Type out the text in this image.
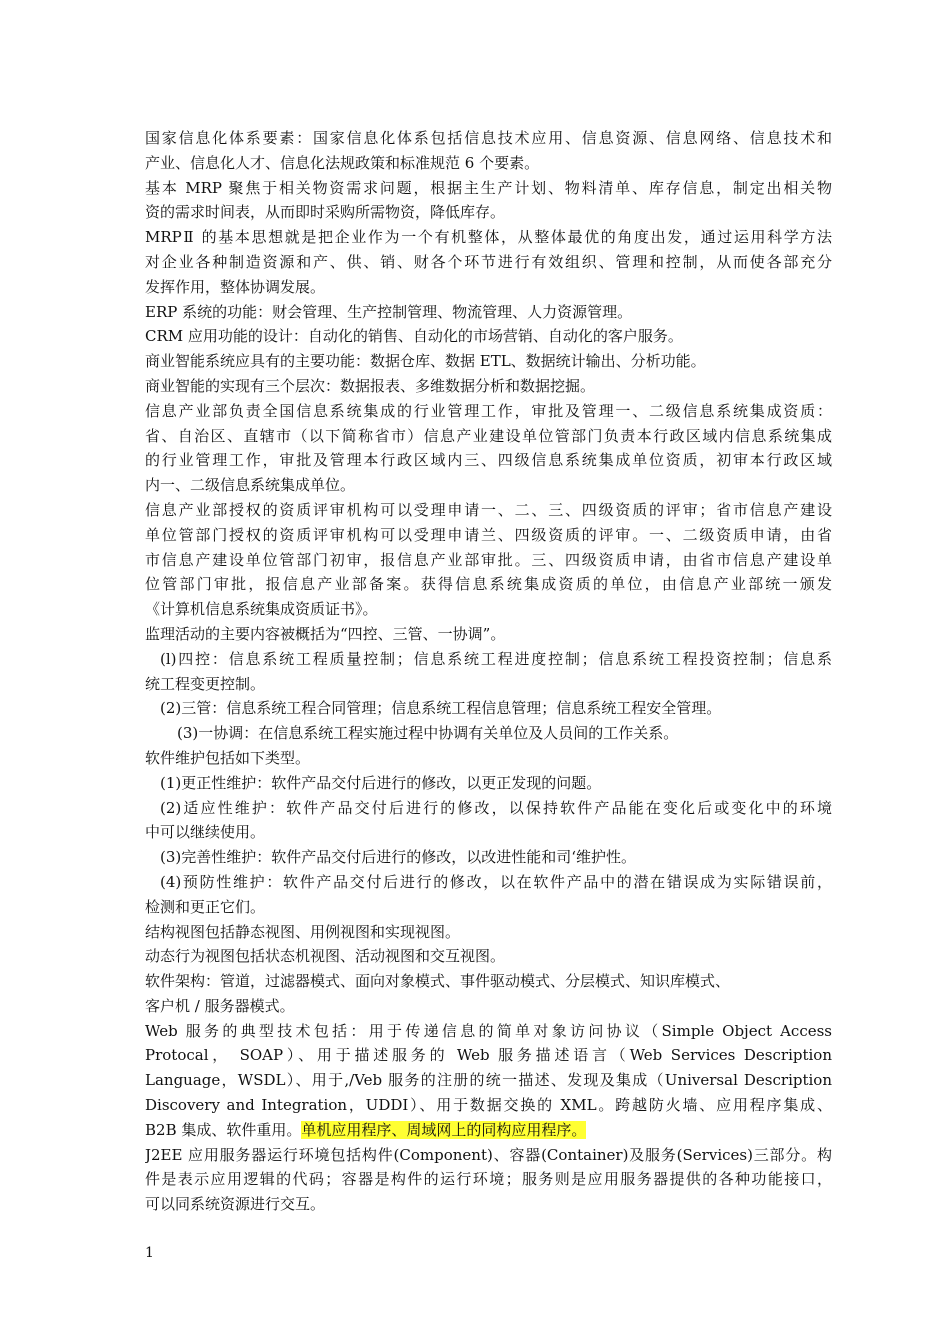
国家信息化体系要素：国家信息化体系包括信息技术应用、信息资源、信息网络、信息技术和
产业、信息化人才、信息化法规政策和标准规范 6 个要素。
基本 MRP 聚焦于相关物资需求问题，根据主生产计划、物料清单、库存信息，制定出相关物
资的需求时间表，从而即时采购所需物资，降低库存。
MRPⅡ 的基本思想就是把企业作为一个有机整体，从整体最优的角度出发，通过运用科学方法
对企业各种制造资源和产、供、销、财各个环节进行有效组织、管理和控制，从而使各部充分
发挥作用，整体协调发展。
ERP 系统的功能：财会管理、生产控制管理、物流管理、人力资源管理。
CRM 应用功能的设计：自动化的销售、自动化的市场营销、自动化的客户服务。
商业智能系统应具有的主要功能：数据仓库、数据 ETL、数据统计输出、分析功能。
商业智能的实现有三个层次：数据报表、多维数据分析和数据挖掘。
信息产业部负责全国信息系统集成的行业管理工作，审批及管理一、二级信息系统集成资质：
省、自治区、直辖市（以下简称省市）信息产业建设单位管部门负责本行政区域内信息系统集成
的行业管理工作，审批及管理本行政区域内三、四级信息系统集成单位资质，初审本行政区域
内一、二级信息系统集成单位。
信息产业部授权的资质评审机构可以受理申请一、二、三、四级资质的评审；省市信息产建设
单位管部门授权的资质评审机构可以受理申请兰、四级资质的评审。一、二级资质申请，由省
市信息产建设单位管部门初审，报信息产业部审批。三、四级资质申请，由省市信息产建设单
位管部门审批，报信息产业部备案。获得信息系统集成资质的单位，由信息产业部统一颁发
《计算机信息系统集成资质证书》。
监理活动的主要内容被概括为“四控、三管、一协调”。
(l)四控：信息系统工程质量控制；信息系统工程进度控制；信息系统工程投资控制；信息系
统工程变更控制。
(2)三管：信息系统工程合同管理；信息系统工程信息管理；信息系统工程安全管理。
(3)一协调：在信息系统工程实施过程中协调有关单位及人员间的工作关系。
软件维护包括如下类型。
(1)更正性维护：软件产品交付后进行的修改，以更正发现的问题。
(2)适应性维护：软件产品交付后进行的修改，以保持软件产品能在变化后或变化中的环境
中可以继续使用。
(3)完善性维护：软件产品交付后进行的修改，以改进性能和司‘维护性。
(4)预防性维护：软件产品交付后进行的修改，以在软件产品中的潜在错误成为实际错误前，
检测和更正它们。
结构视图包括静态视图、用例视图和实现视图。
动态行为视图包括状态机视图、活动视图和交互视图。
软件架构：管道，过滤器模式、面向对象模式、事件驱动模式、分层模式、知识库模式、
客户机 / 服务器模式。
Web 服务的典型技术包括：用于传递信息的简单对象访问协议（Simple Object Access
Protocal， SOAP）、用于描述服务的 Web 服务描述语言（Web Services Description
Language，WSDL）、用于,/Veb 服务的注册的统一描述、发现及集成（Universal Description
Discovery and Integration，UDDI）、用于数据交换的 XML。跨越防火墙、应用程序集成、
B2B 集成、软件重用。单机应用程序、周域网上的同构应用程序。
J2EE 应用服务器运行环境包括构件(Component)、容器(Container)及服务(Services)三部分。构
件是表示应用逻辑的代码；容器是构件的运行环境；服务则是应用服务器提供的各种功能接口，
可以同系统资源进行交互。
1
